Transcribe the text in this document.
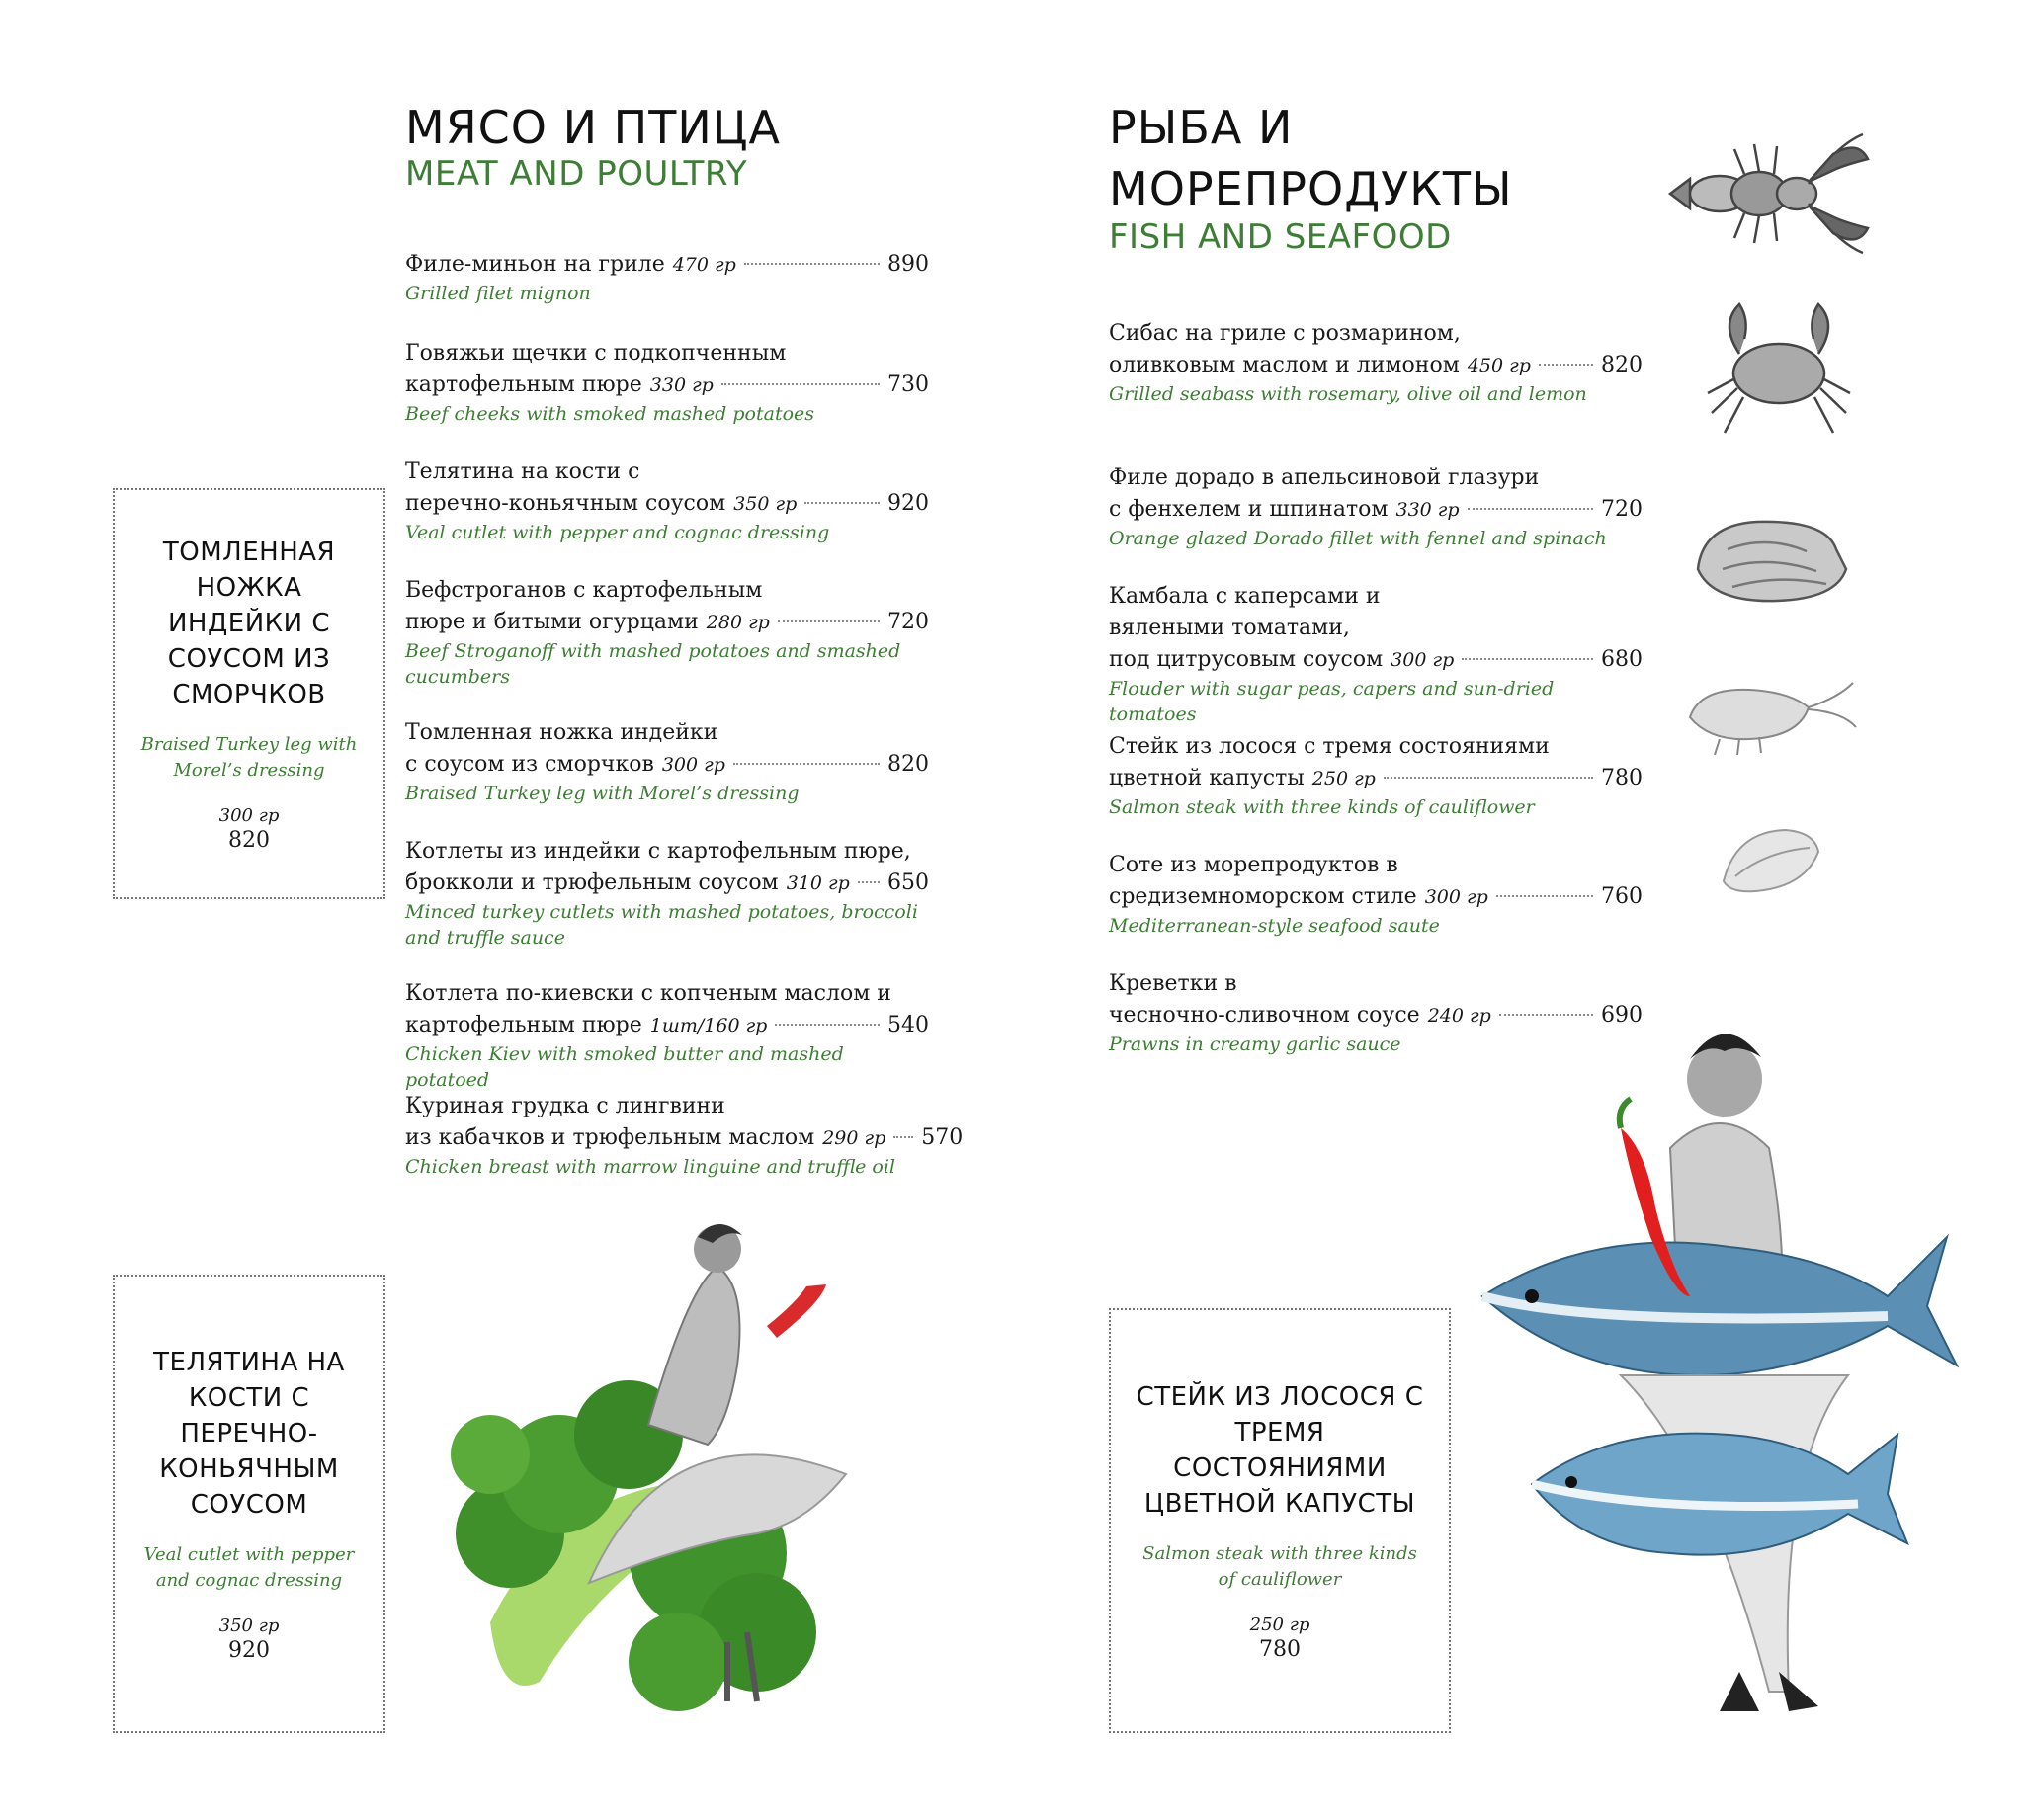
МЯСО И ПТИЦА
MEAT AND POULTRY
Филе-миньон на гриле 470 гр	890
Grilled filet mignon
Говяжьи щечки с подкопченным
картофельным пюре 330 гр	730
Beef cheeks with smoked mashed potatoes
Телятина на кости с
перечно-коньячным соусом 350 гр	920
Veal cutlet with pepper and cognac dressing
Бефстроганов с картофельным
пюре и битыми огурцами 280 гр	720
Beef Stroganoff with mashed potatoes and smashed cucumbers
Томленная ножка индейки
с соусом из сморчков 300 гр	820
Braised Turkey leg with Morel’s dressing
Котлеты из индейки с картофельным пюре,
брокколи и трюфельным соусом 310 гр 650
Minced turkey cutlets with mashed potatoes, broccoli and truffle sauce
Котлета по-киевски с копченым маслом и
картофельным пюре 1шт/160 гр	540
Chicken Kiev with smoked butter and mashed potatoed
Куриная грудка с лингвини
из кабачков и трюфельным маслом 290 гр 570
Chicken breast with marrow linguine and truffle oil
РЫБА И
МОРЕПРОДУКТЫ
FISH AND SEAFOOD
Сибас на гриле с розмарином,
оливковым маслом и лимоном 450 гр	820
Grilled seabass with rosemary, olive oil and lemon
Филе дорадо в апельсиновой глазури
с фенхелем и шпинатом 330 гр	720
Orange glazed Dorado fillet with fennel and spinach
Камбала с каперсами и
вялеными томатами,
под цитрусовым соусом 300 гр	680
Flouder with sugar peas, capers and sun-dried tomatoes
Стейк из лосося с тремя состояниями
цветной капусты 250 гр	780
Salmon steak with three kinds of cauliflower
Соте из морепродуктов в
средиземноморском стиле 300 гр	760
Mediterranean-style seafood saute
Креветки в
чесночно-сливочном соусе 240 гр	690
Prawns in creamy garlic sauce
ТОМЛЕННАЯ НОЖКА ИНДЕЙКИ С СОУСОМ ИЗ СМОРЧКОВ
Braised Turkey leg with Morel’s dressing
300 гр
820
ТЕЛЯТИНА НА КОСТИ С ПЕРЕЧНО-КОНЬЯЧНЫМ СОУСОМ
Veal cutlet with pepper and cognac dressing
350 гр
920
СТЕЙК ИЗ ЛОСОСЯ С ТРЕМЯ СОСТОЯНИЯМИ ЦВЕТНОЙ КАПУСТЫ
Salmon steak with three kinds of cauliflower
250 гр
780
